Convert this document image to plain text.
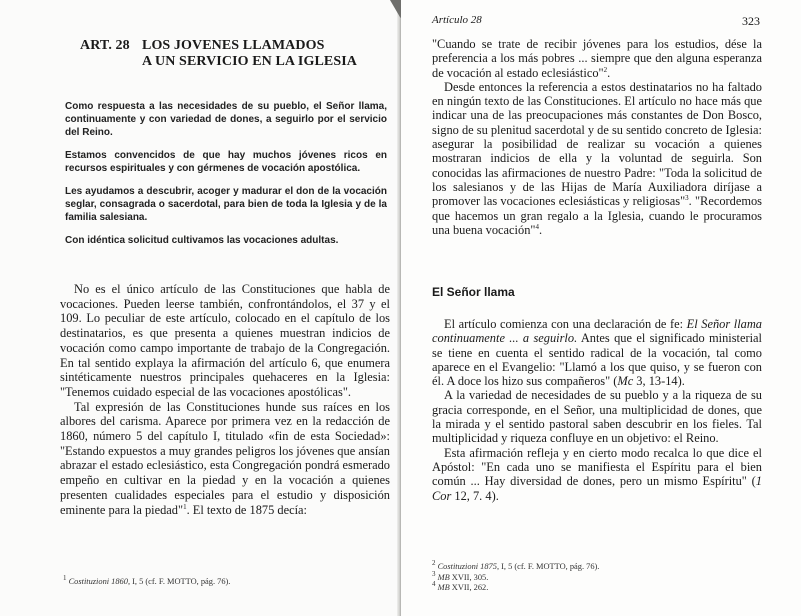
ART. 28 LOS JOVENES LLAMADOS
A UN SERVICIO EN LA IGLESIA

Como respuesta a las necesidades de su pueblo, el Señor llama, continuamente y con variedad de dones, a seguirlo por el servicio del Reino.

Estamos convencidos de que hay muchos jóvenes ricos en recursos espirituales y con gérmenes de vocación apostólica.

Les ayudamos a descubrir, acoger y madurar el don de la vocación seglar, consagrada o sacerdotal, para bien de toda la Iglesia y de la familia salesiana.

Con idéntica solicitud cultivamos las vocaciones adultas.

No es el único artículo de las Constituciones que habla de vocaciones. Pueden leerse también, confrontándolos, el 37 y el 109. Lo peculiar de este artículo, colocado en el capítulo de los destinatarios, es que presenta a quienes muestran indicios de vocación como campo importante de trabajo de la Congregación. En tal sentido explaya la afirmación del artículo 6, que enumera sintéticamente nuestros principales quehaceres en la Iglesia: "Tenemos cuidado especial de las vocaciones apostólicas".

Tal expresión de las Constituciones hunde sus raíces en los albores del carisma. Aparece por primera vez en la redacción de 1860, número 5 del capítulo I, titulado «fin de esta Sociedad»: "Estando expuestos a muy grandes peligros los jóvenes que ansían abrazar el estado eclesiástico, esta Congregación pondrá esmerado empeño en cultivar en la piedad y en la vocación a quienes presenten cualidades especiales para el estudio y disposición eminente para la piedad"$^1$. El texto de 1875 decía:

$^1$ Costituzioni 1860, I, 5 (cf. F. MOTTO, pág. 76).
Artículo 28	323

"Cuando se trate de recibir jóvenes para los estudios, dése la preferencia a los más pobres ... siempre que den alguna esperanza de vocación al estado eclesiástico"$^2$.

Desde entonces la referencia a estos destinatarios no ha faltado en ningún texto de las Constituciones. El artículo no hace más que indicar una de las preocupaciones más constantes de Don Bosco, signo de su plenitud sacerdotal y de su sentido concreto de Iglesia: asegurar la posibilidad de realizar su vocación a quienes mostraran indicios de ella y la voluntad de seguirla. Son conocidas las afirmaciones de nuestro Padre: "Toda la solicitud de los salesianos y de las Hijas de María Auxiliadora diríjase a promover las vocaciones eclesiásticas y religiosas"$^3$. "Recordemos que hacemos un gran regalo a la Iglesia, cuando le procuramos una buena vocación"$^4$.

El Señor llama

El artículo comienza con una declaración de fe: El Señor llama continuamente ... a seguirlo. Antes que el significado ministerial se tiene en cuenta el sentido radical de la vocación, tal como aparece en el Evangelio: "Llamó a los que quiso, y se fueron con él. A doce los hizo sus compañeros" (Mc 3, 13-14).

A la variedad de necesidades de su pueblo y a la riqueza de su gracia corresponde, en el Señor, una multiplicidad de dones, que la mirada y el sentido pastoral saben descubrir en los fieles. Tal multiplicidad y riqueza confluye en un objetivo: el Reino.

Esta afirmación refleja y en cierto modo recalca lo que dice el Apóstol: "En cada uno se manifiesta el Espíritu para el bien común ... Hay diversidad de dones, pero un mismo Espíritu" (1 Cor 12, 7. 4).

$^2$ Costituzioni 1875, I, 5 (cf. F. MOTTO, pág. 76).
$^3$ MB XVII, 305.
$^4$ MB XVII, 262.
